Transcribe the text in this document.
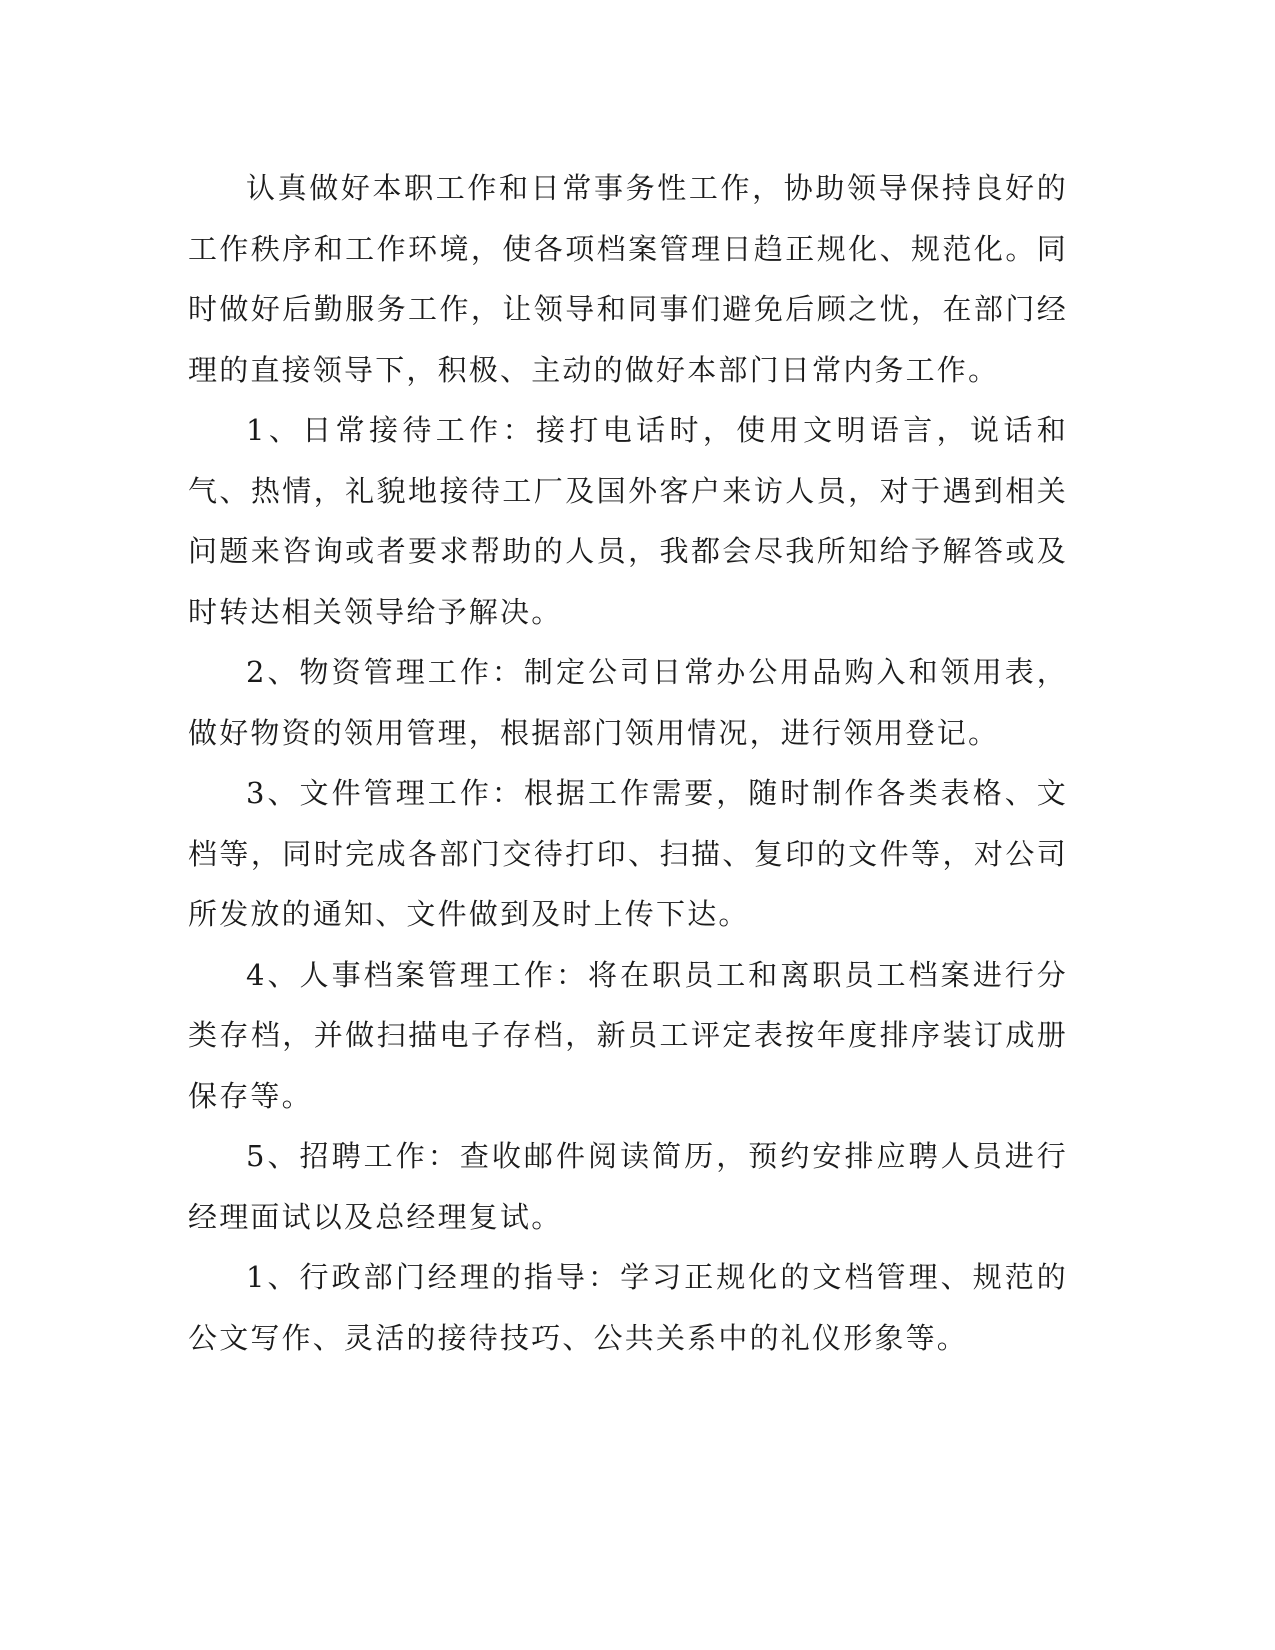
认真做好本职工作和日常事务性工作，协助领导保持良好的工作秩序和工作环境，使各项档案管理日趋正规化、规范化。同时做好后勤服务工作，让领导和同事们避免后顾之忧，在部门经理的直接领导下，积极、主动的做好本部门日常内务工作。

1、日常接待工作：接打电话时，使用文明语言，说话和气、热情，礼貌地接待工厂及国外客户来访人员，对于遇到相关问题来咨询或者要求帮助的人员，我都会尽我所知给予解答或及时转达相关领导给予解决。

2、物资管理工作：制定公司日常办公用品购入和领用表，做好物资的领用管理，根据部门领用情况，进行领用登记。

3、文件管理工作：根据工作需要，随时制作各类表格、文档等，同时完成各部门交待打印、扫描、复印的文件等，对公司所发放的通知、文件做到及时上传下达。

4、人事档案管理工作：将在职员工和离职员工档案进行分类存档，并做扫描电子存档，新员工评定表按年度排序装订成册保存等。

5、招聘工作：查收邮件阅读简历，预约安排应聘人员进行经理面试以及总经理复试。

1、行政部门经理的指导：学习正规化的文档管理、规范的公文写作、灵活的接待技巧、公共关系中的礼仪形象等。
